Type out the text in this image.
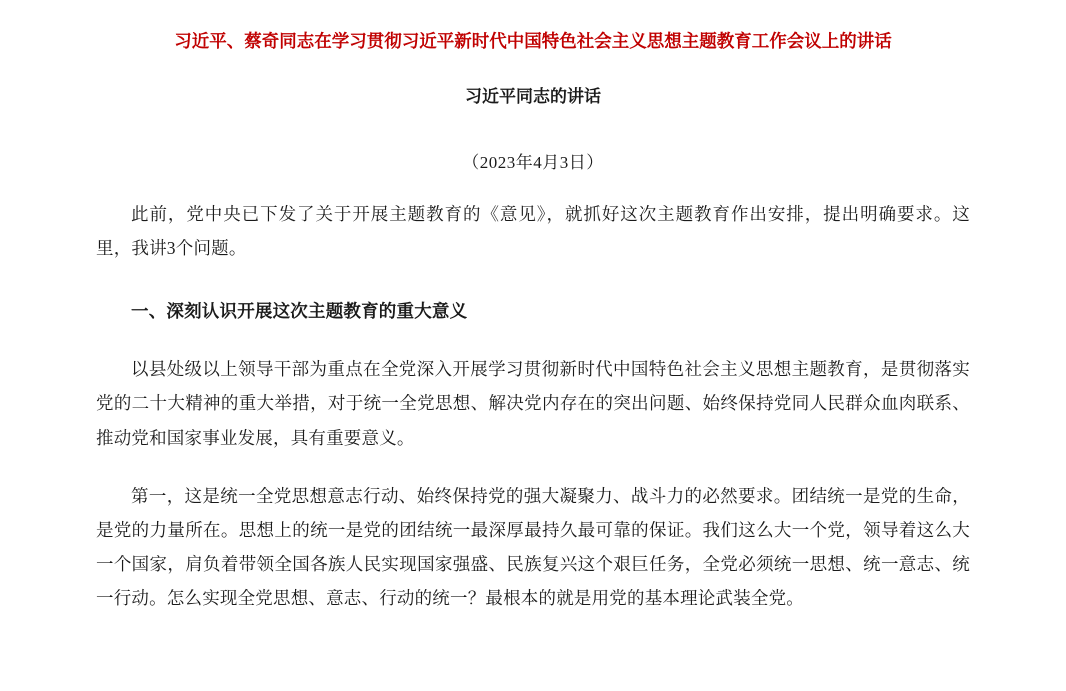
习近平、蔡奇同志在学习贯彻习近平新时代中国特色社会主义思想主题教育工作会议上的讲话
习近平同志的讲话
（2023年4月3日）

此前，党中央已下发了关于开展主题教育的《意见》，就抓好这次主题教育作出安排，提出明确要求。这里，我讲3个问题。

一、深刻认识开展这次主题教育的重大意义

以县处级以上领导干部为重点在全党深入开展学习贯彻新时代中国特色社会主义思想主题教育，是贯彻落实党的二十大精神的重大举措，对于统一全党思想、解决党内存在的突出问题、始终保持党同人民群众血肉联系、推动党和国家事业发展，具有重要意义。

第一，这是统一全党思想意志行动、始终保持党的强大凝聚力、战斗力的必然要求。团结统一是党的生命，是党的力量所在。思想上的统一是党的团结统一最深厚最持久最可靠的保证。我们这么大一个党，领导着这么大一个国家，肩负着带领全国各族人民实现国家强盛、民族复兴这个艰巨任务，全党必须统一思想、统一意志、统一行动。怎么实现全党思想、意志、行动的统一？最根本的就是用党的基本理论武装全党。
